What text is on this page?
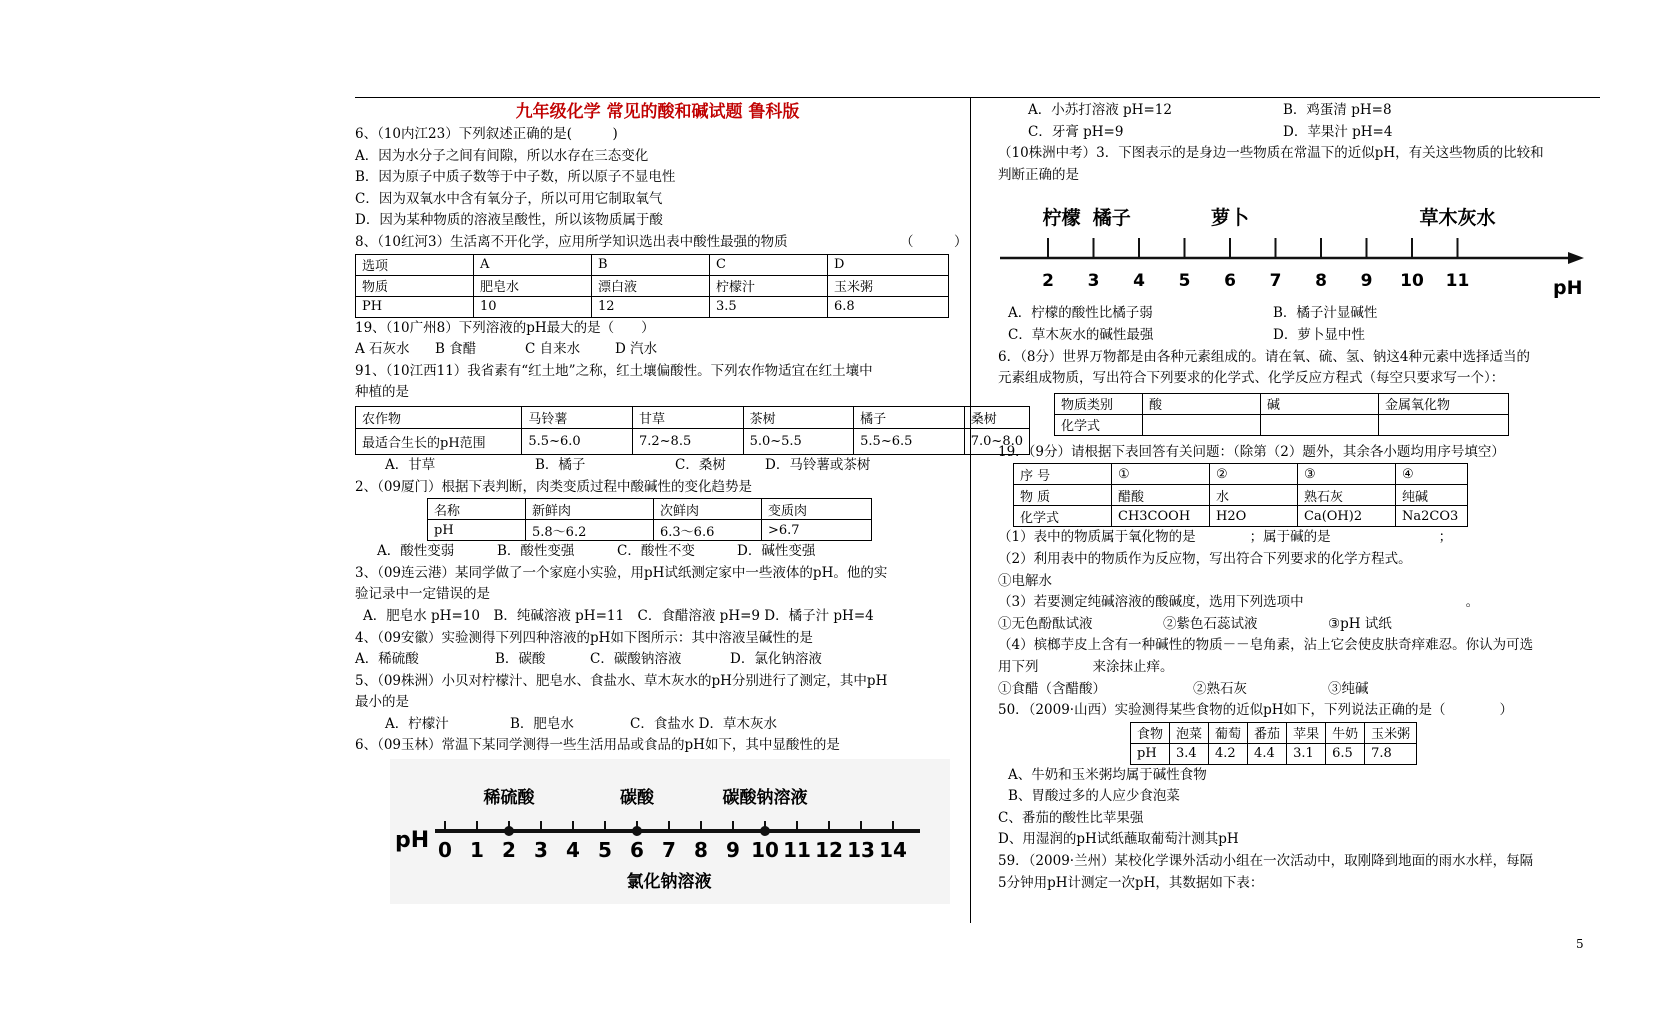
九年级化学 常见的酸和碱试题 鲁科版
6、（10内江23）下列叙述正确的是(　　　)
A．因为水分子之间有间隙，所以水存在三态变化
B．因为原子中质子数等于中子数，所以原子不显电性
C．因为双氧水中含有氧分子，所以可用它制取氧气
D．因为某种物质的溶液呈酸性，所以该物质属于酸
8、（10红河3）生活离不开化学，应用所学知识选出表中酸性最强的物质	（　　　）
选项	A	B	C	D
物质	肥皂水	漂白液	柠檬汁	玉米粥
PH	10	12	3.5	6.8
19、（10广州8）下列溶液的pH最大的是（　　）
A 石灰水 B 食醋	C 自来水	D 汽水
91、（10江西11）我省素有“红土地”之称，红土壤偏酸性。下列农作物适宜在红土壤中
种植的是
农作物	马铃薯	甘草	茶树	橘子	桑树
最适合生长的pH范围	5.5~6.0	7.2~8.5	5.0~5.5	5.5~6.5	7.0~8.0
A．甘草	B．橘子	C．桑树	D．马铃薯或茶树
2、（09厦门）根据下表判断，肉类变质过程中酸碱性的变化趋势是
名称	新鲜肉	次鲜肉	变质肉
pH	5.8～6.2	6.3～6.6	>6.7
A．酸性变弱	B．酸性变强	C．酸性不变	D．碱性变强
3、（09连云港）某同学做了一个家庭小实验，用pH试纸测定家中一些液体的pH。他的实
验记录中一定错误的是
A．肥皂水 pH=10　B．纯碱溶液 pH=11　C．食醋溶液 pH=9 D．橘子汁 pH=4
4、（09安徽）实验测得下列四种溶液的pH如下图所示：其中溶液呈碱性的是
A．稀硫酸	B．碳酸	C．碳酸钠溶液	D．氯化钠溶液
5、（09株洲）小贝对柠檬汁、肥皂水、食盐水、草木灰水的pH分别进行了测定，其中pH
最小的是
A．柠檬汁	B．肥皂水	C．食盐水 D．草木灰水
6、（09玉林）常温下某同学测得一些生活用品或食品的pH如下，其中显酸性的是
0 1 2 3 4 5 6 7 8 9 10 11 12 13 14
pH
稀硫酸	碳酸	碳酸钠溶液
氯化钠溶液
A．小苏打溶液 pH=12	B．鸡蛋清 pH=8
C．牙膏 pH=9	D．苹果汁 pH=4
（10株洲中考）3．下图表示的是身边一些物质在常温下的近似pH，有关这些物质的比较和
判断正确的是
2 3 4 5 6 7 8 9 10 11	pH
柠檬 橘子	萝卜	草木灰水
A．柠檬的酸性比橘子弱	B．橘子汁显碱性
C．草木灰水的碱性最强	D．萝卜显中性
6．（8分）世界万物都是由各种元素组成的。请在氧、硫、氢、钠这4种元素中选择适当的
元素组成物质，写出符合下列要求的化学式、化学反应方程式（每空只要求写一个）：
物质类别	酸	碱	金属氧化物
化学式			
19．（9分）请根据下表回答有关问题：（除第（2）题外，其余各小题均用序号填空）
序 号	①	②	③	④
物 质	醋酸	水	熟石灰	纯碱
化学式	CH3COOH	H2O	Ca(OH)2	Na2CO3
（1）表中的物质属于氧化物的是　　　　；属于碱的是　　　　　　　　；
（2）利用表中的物质作为反应物，写出符合下列要求的化学方程式。
①电解水
（3）若要测定纯碱溶液的酸碱度，选用下列选项中　　　　　　　　　　　　。
①无色酚酞试液	②紫色石蕊试液	③pH 试纸
（4）槟榔芋皮上含有一种碱性的物质－－皂角素，沾上它会使皮肤奇痒难忍。你认为可选
用下列　　　　来涂抹止痒。
①食醋（含醋酸）	②熟石灰	③纯碱
50．（2009·山西）实验测得某些食物的近似pH如下，下列说法正确的是（　　　　）
食物	泡菜	葡萄	番茄	苹果	牛奶	玉米粥
pH	3.4	4.2	4.4	3.1	6.5	7.8
A、牛奶和玉米粥均属于碱性食物
B、胃酸过多的人应少食泡菜
C、番茄的酸性比苹果强
D、用湿润的pH试纸蘸取葡萄汁测其pH
59．（2009·兰州）某校化学课外活动小组在一次活动中，取刚降到地面的雨水水样，每隔
5分钟用pH计测定一次pH，其数据如下表：
5
